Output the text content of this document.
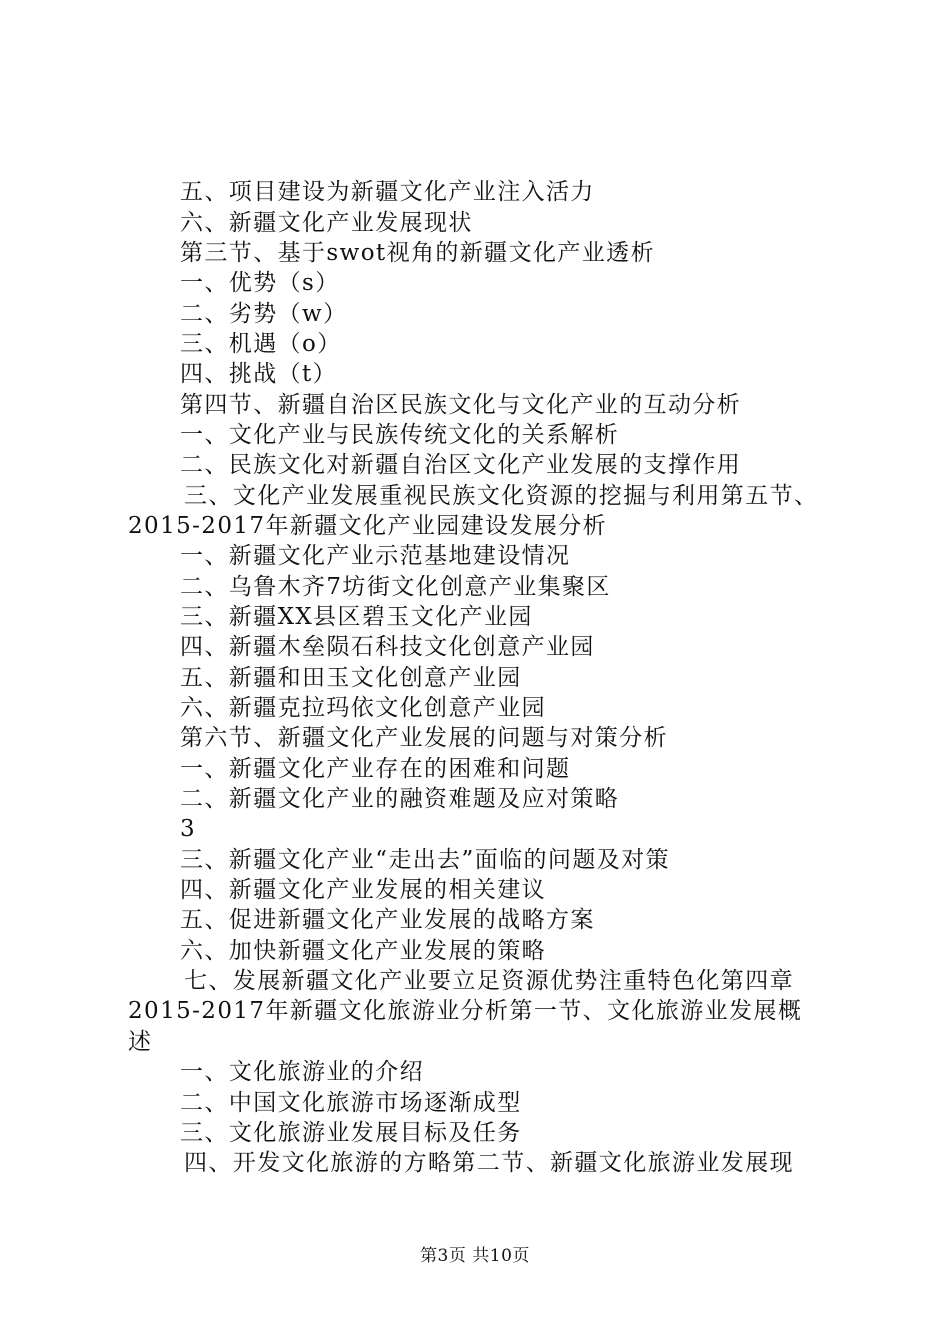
五、项目建设为新疆文化产业注入活力
六、新疆文化产业发展现状
第三节、基于swot视角的新疆文化产业透析
一、优势（s）
二、劣势（w）
三、机遇（o）
四、挑战（t）
第四节、新疆自治区民族文化与文化产业的互动分析
一、文化产业与民族传统文化的关系解析
二、民族文化对新疆自治区文化产业发展的支撑作用
三、文化产业发展重视民族文化资源的挖掘与利用第五节、
2015-2017年新疆文化产业园建设发展分析
一、新疆文化产业示范基地建设情况
二、乌鲁木齐7坊街文化创意产业集聚区
三、新疆XX县区碧玉文化产业园
四、新疆木垒陨石科技文化创意产业园
五、新疆和田玉文化创意产业园
六、新疆克拉玛依文化创意产业园
第六节、新疆文化产业发展的问题与对策分析
一、新疆文化产业存在的困难和问题
二、新疆文化产业的融资难题及应对策略
3
三、新疆文化产业“走出去”面临的问题及对策
四、新疆文化产业发展的相关建议
五、促进新疆文化产业发展的战略方案
六、加快新疆文化产业发展的策略
七、发展新疆文化产业要立足资源优势注重特色化第四章
2015-2017年新疆文化旅游业分析第一节、文化旅游业发展概
述
一、文化旅游业的介绍
二、中国文化旅游市场逐渐成型
三、文化旅游业发展目标及任务
四、开发文化旅游的方略第二节、新疆文化旅游业发展现
第3页 共10页
